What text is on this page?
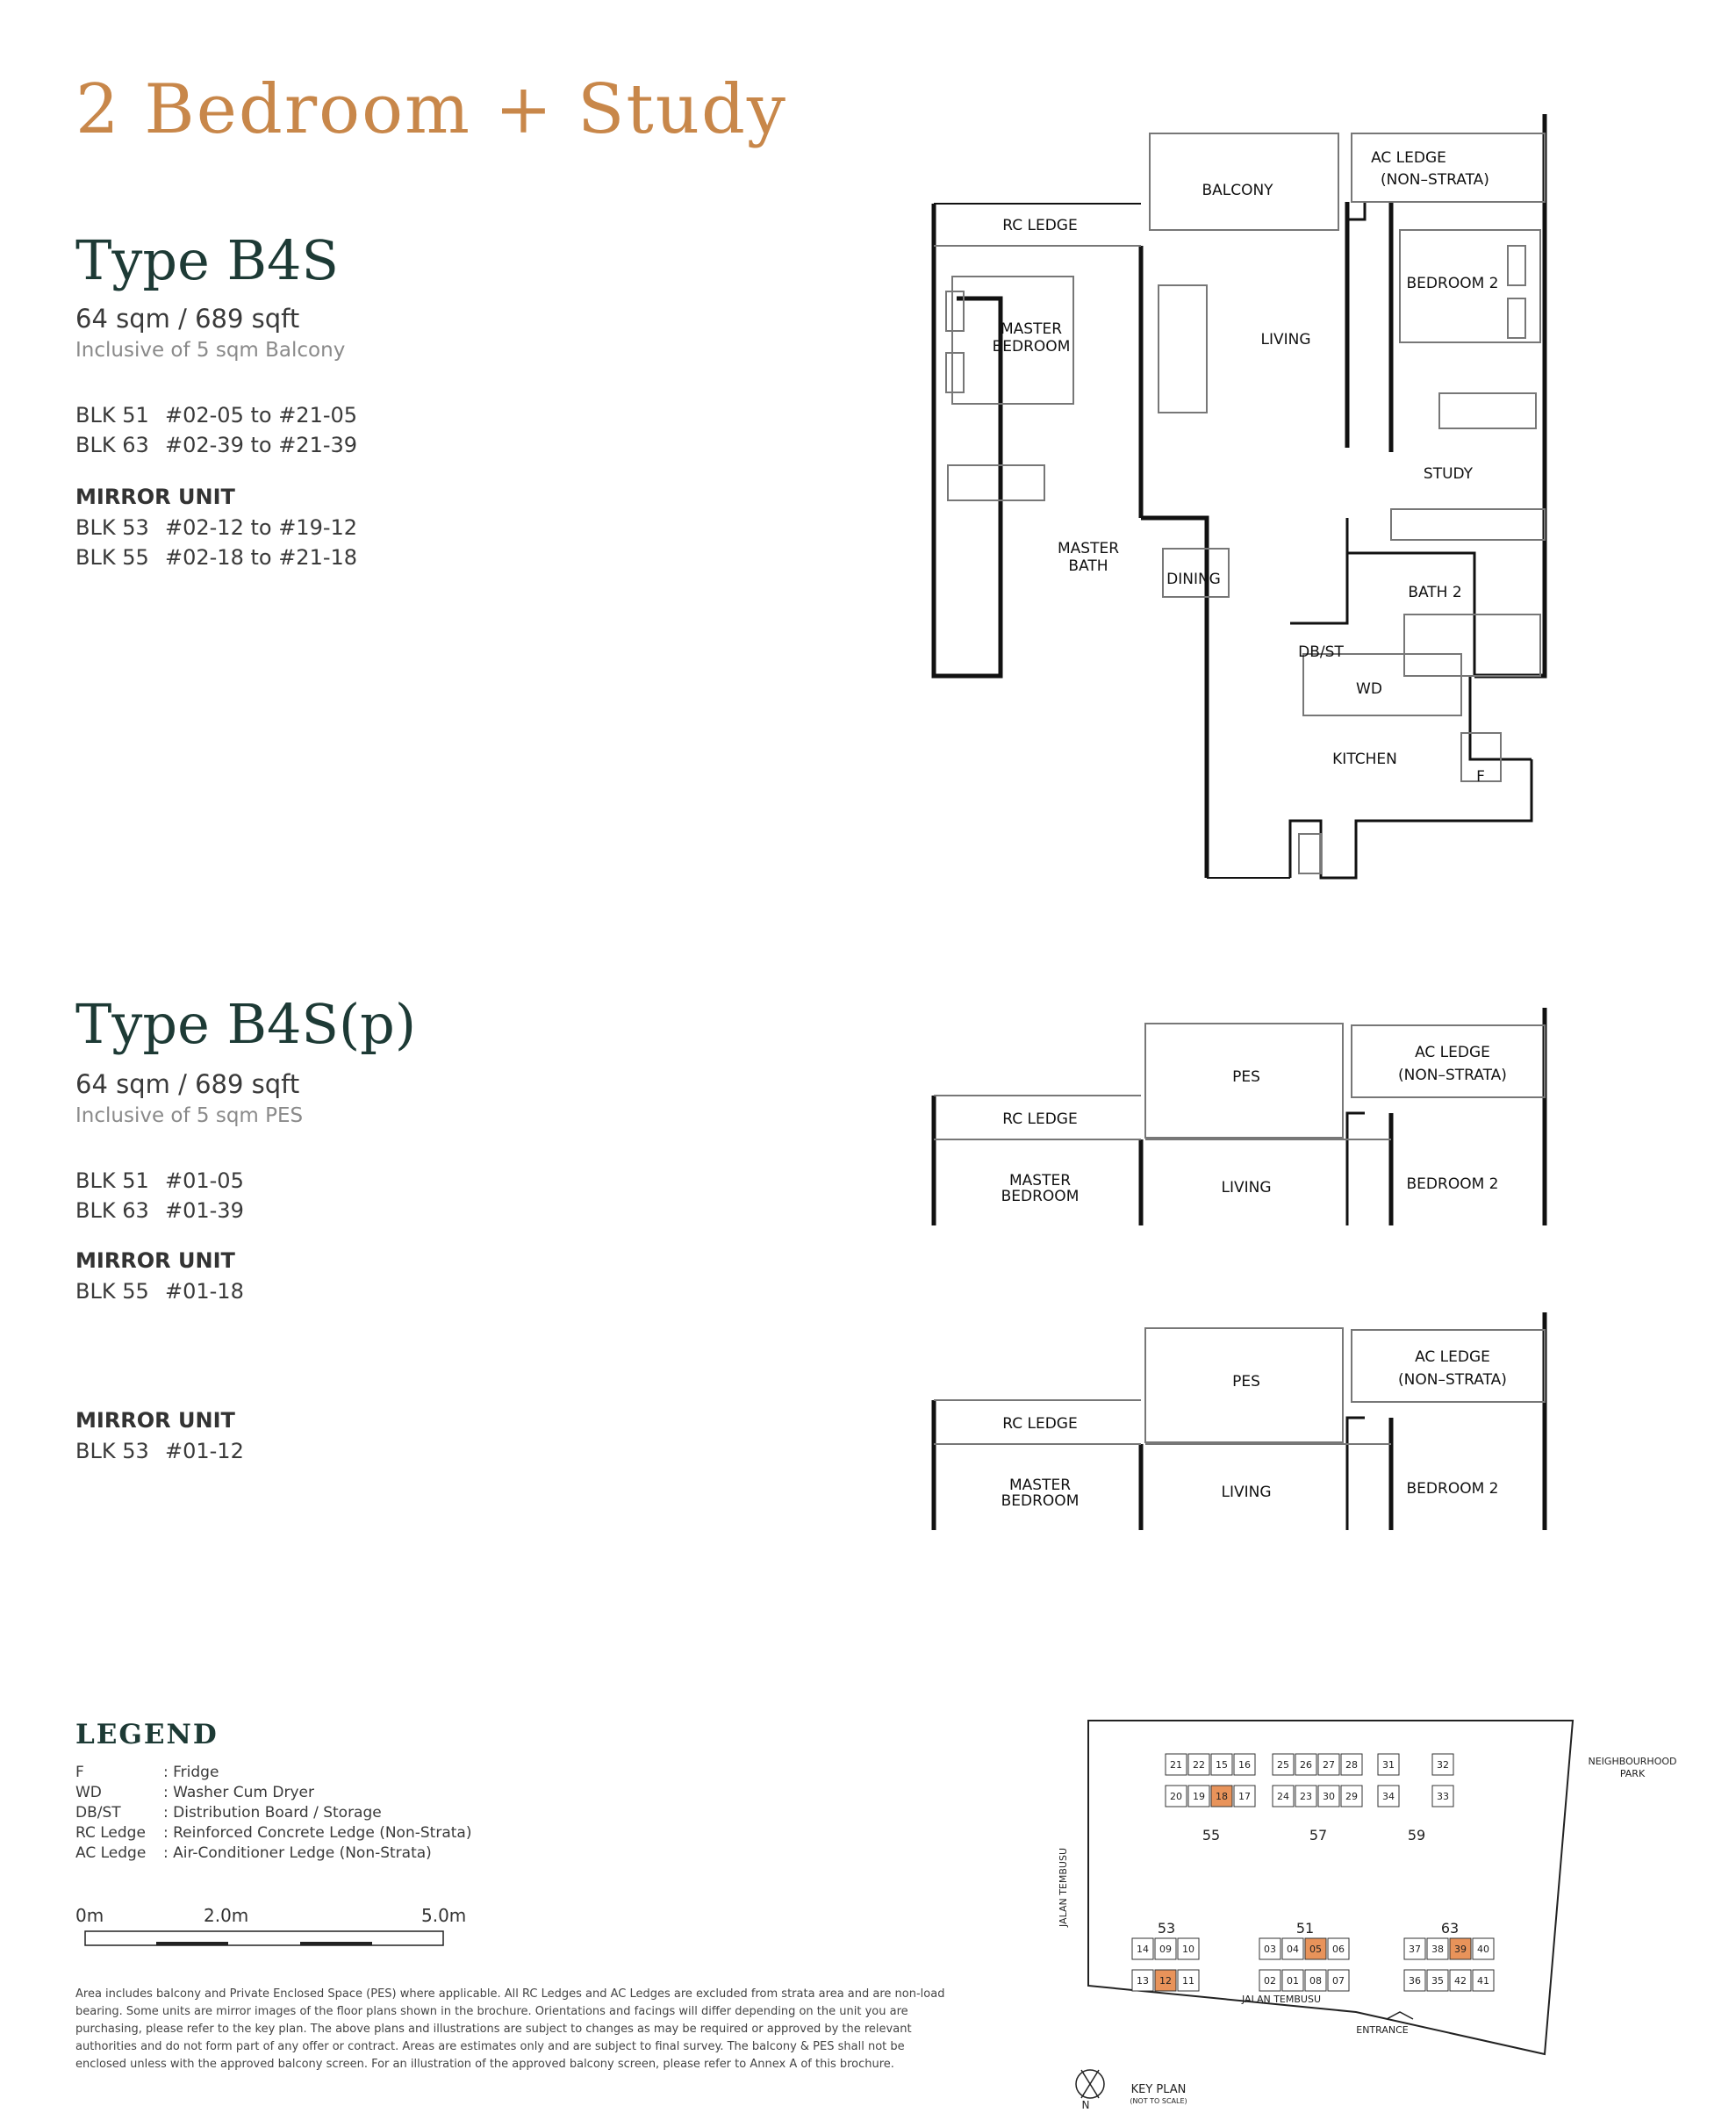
2 Bedroom + Study
Type B4S
64 sqm / 689 sqft
Inclusive of 5 sqm Balcony
BLK 51 #02-05 to #21-05
BLK 63 #02-39 to #21-39
MIRROR UNIT
BLK 53 #02-12 to #19-12
BLK 55 #02-18 to #21-18
Type B4S(p)
64 sqm / 689 sqft
Inclusive of 5 sqm PES
BLK 51 #01-05
BLK 63 #01-39
MIRROR UNIT
BLK 55 #01-18
MIRROR UNIT
BLK 53 #01-12
AC LEDGE
(NON–STRATA)
BALCONY
RC LEDGE
MASTER
BEDROOM	LIVING
BEDROOM 2
STUDY
MASTER
BATH
DINING
BATH 2
DB/ST
WD
KITCHEN
F
AC LEDGE
(NON–STRATA)
PES
RC LEDGE
MASTER
BEDROOM	LIVING	BEDROOM 2
AC LEDGE
(NON–STRATA)
PES
RC LEDGE
MASTER
BEDROOM	LIVING	BEDROOM 2
LEGEND
F	: Fridge
WD	: Washer Cum Dryer
DB/ST	: Distribution Board / Storage
RC Ledge	: Reinforced Concrete Ledge (Non-Strata)
AC Ledge	: Air-Conditioner Ledge (Non-Strata)
0m	2.0m	5.0m
Area includes balcony and Private Enclosed Space (PES) where applicable. All RC Ledges and AC Ledges are excluded from strata area and are non-load bearing. Some units are mirror images of the floor plans shown in the brochure. Orientations and facings will differ depending on the unit you are purchasing, please refer to the key plan. The above plans and illustrations are subject to changes as may be required or approved by the relevant authorities and do not form part of any offer or contract. Areas are estimates only and are subject to final survey. The balcony & PES shall not be enclosed unless with the approved balcony screen. For an illustration of the approved balcony screen, please refer to Annex A of this brochure.
NEIGHBOURHOOD
PARK
JALAN TEMBUSU
ENTRANCE
KEY PLAN
(NOT TO SCALE)
N
JALAN TEMBUSU
21 22 15 16
20 19 18 17
55
25 26 27 28
24 23 30 29
57
31	32
34	33
59
14 09 10
13 12 11
53
03 04 05 06
02 01 08 07
51
37 38 39 40
36 35 42 41
63
